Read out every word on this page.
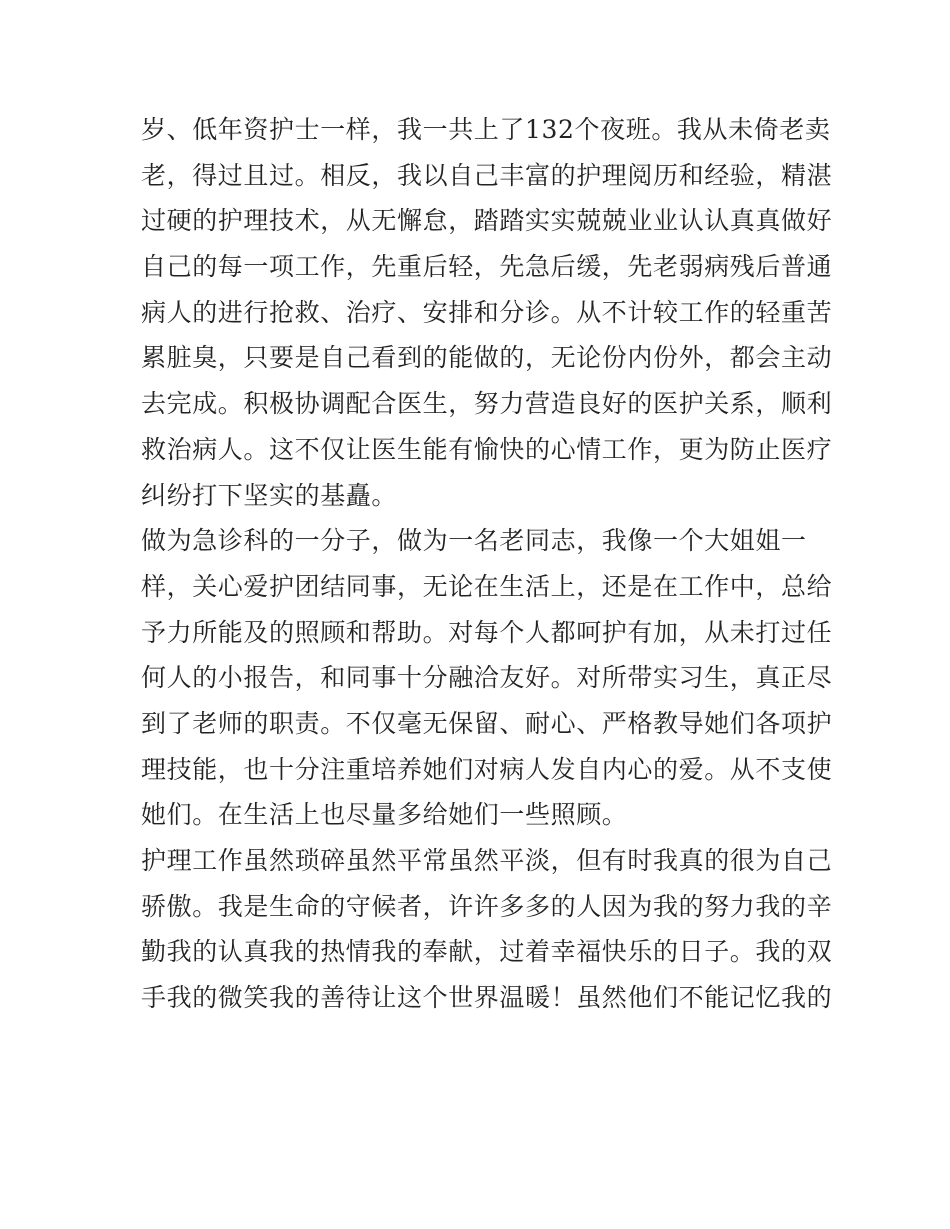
岁、低年资护士一样，我一共上了132个夜班。我从未倚老卖
老，得过且过。相反，我以自己丰富的护理阅历和经验，精湛
过硬的护理技术，从无懈怠，踏踏实实兢兢业业认认真真做好
自己的每一项工作，先重后轻，先急后缓，先老弱病残后普通
病人的进行抢救、治疗、安排和分诊。从不计较工作的轻重苦
累脏臭，只要是自己看到的能做的，无论份内份外，都会主动
去完成。积极协调配合医生，努力营造良好的医护关系，顺利
救治病人。这不仅让医生能有愉快的心情工作，更为防止医疗
纠纷打下坚实的基矗。
做为急诊科的一分子，做为一名老同志，我像一个大姐姐一
样，关心爱护团结同事，无论在生活上，还是在工作中，总给
予力所能及的照顾和帮助。对每个人都呵护有加，从未打过任
何人的小报告，和同事十分融洽友好。对所带实习生，真正尽
到了老师的职责。不仅毫无保留、耐心、严格教导她们各项护
理技能，也十分注重培养她们对病人发自内心的爱。从不支使
她们。在生活上也尽量多给她们一些照顾。
护理工作虽然琐碎虽然平常虽然平淡，但有时我真的很为自己
骄傲。我是生命的守候者，许许多多的人因为我的努力我的辛
勤我的认真我的热情我的奉献，过着幸福快乐的日子。我的双
手我的微笑我的善待让这个世界温暖！虽然他们不能记忆我的
